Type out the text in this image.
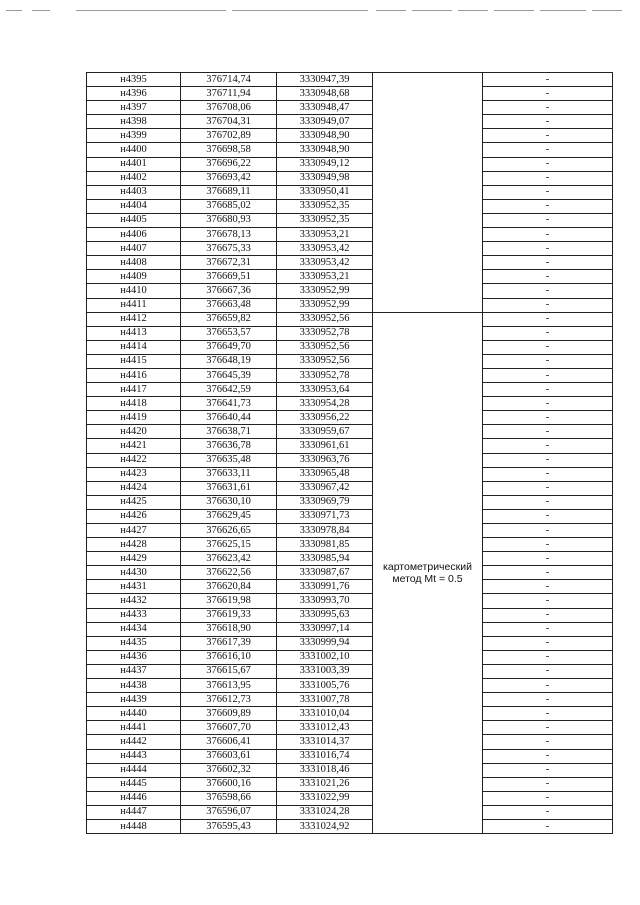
н4395	376714,74	3330947,39		-
н4396	376711,94	3330948,68		-
н4397	376708,06	3330948,47		-
н4398	376704,31	3330949,07		-
н4399	376702,89	3330948,90		-
н4400	376698,58	3330948,90		-
н4401	376696,22	3330949,12		-
н4402	376693,42	3330949,98		-
н4403	376689,11	3330950,41		-
н4404	376685,02	3330952,35		-
н4405	376680,93	3330952,35		-
н4406	376678,13	3330953,21		-
н4407	376675,33	3330953,42		-
н4408	376672,31	3330953,42		-
н4409	376669,51	3330953,21		-
н4410	376667,36	3330952,99		-
н4411	376663,48	3330952,99		-
н4412	376659,82	3330952,56	картометрический
метод Mt = 0.5	-
н4413	376653,57	3330952,78		-
н4414	376649,70	3330952,56		-
н4415	376648,19	3330952,56		-
н4416	376645,39	3330952,78		-
н4417	376642,59	3330953,64		-
н4418	376641,73	3330954,28		-
н4419	376640,44	3330956,22		-
н4420	376638,71	3330959,67		-
н4421	376636,78	3330961,61		-
н4422	376635,48	3330963,76		-
н4423	376633,11	3330965,48		-
н4424	376631,61	3330967,42		-
н4425	376630,10	3330969,79		-
н4426	376629,45	3330971,73		-
н4427	376626,65	3330978,84		-
н4428	376625,15	3330981,85		-
н4429	376623,42	3330985,94		-
н4430	376622,56	3330987,67		-
н4431	376620,84	3330991,76		-
н4432	376619,98	3330993,70		-
н4433	376619,33	3330995,63		-
н4434	376618,90	3330997,14		-
н4435	376617,39	3330999,94		-
н4436	376616,10	3331002,10		-
н4437	376615,67	3331003,39		-
н4438	376613,95	3331005,76		-
н4439	376612,73	3331007,78		-
н4440	376609,89	3331010,04		-
н4441	376607,70	3331012,43		-
н4442	376606,41	3331014,37		-
н4443	376603,61	3331016,74		-
н4444	376602,32	3331018,46		-
н4445	376600,16	3331021,26		-
н4446	376598,66	3331022,99		-
н4447	376596,07	3331024,28		-
н4448	376595,43	3331024,92		-
